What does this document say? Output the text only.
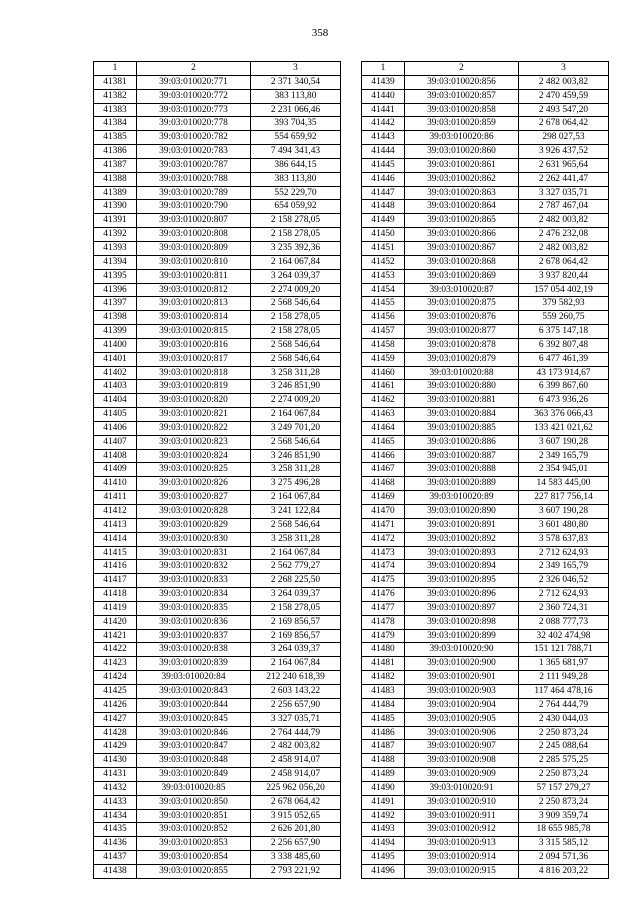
358
1	2	3
41381	39:03:010020:771	2 371 340,54
41382	39:03:010020:772	383 113,80
41383	39:03:010020:773	2 231 066,46
41384	39:03:010020:778	393 704,35
41385	39:03:010020:782	554 659,92
41386	39:03:010020:783	7 494 341,43
41387	39:03:010020:787	386 644,15
41388	39:03:010020:788	383 113,80
41389	39:03:010020:789	552 229,70
41390	39:03:010020:790	654 059,92
41391	39:03:010020:807	2 158 278,05
41392	39:03:010020:808	2 158 278,05
41393	39:03:010020:809	3 235 392,36
41394	39:03:010020:810	2 164 067,84
41395	39:03:010020:811	3 264 039,37
41396	39:03:010020:812	2 274 009,20
41397	39:03:010020:813	2 568 546,64
41398	39:03:010020:814	2 158 278,05
41399	39:03:010020:815	2 158 278,05
41400	39:03:010020:816	2 568 546,64
41401	39:03:010020:817	2 568 546,64
41402	39:03:010020:818	3 258 311,28
41403	39:03:010020:819	3 246 851,90
41404	39:03:010020:820	2 274 009,20
41405	39:03:010020:821	2 164 067,84
41406	39:03:010020:822	3 249 701,20
41407	39:03:010020:823	2 568 546,64
41408	39:03:010020:824	3 246 851,90
41409	39:03:010020:825	3 258 311,28
41410	39:03:010020:826	3 275 496,28
41411	39:03:010020:827	2 164 067,84
41412	39:03:010020:828	3 241 122,84
41413	39:03:010020:829	2 568 546,64
41414	39:03:010020:830	3 258 311,28
41415	39:03:010020:831	2 164 067,84
41416	39:03:010020:832	2 562 779,27
41417	39:03:010020:833	2 268 225,50
41418	39:03:010020:834	3 264 039,37
41419	39:03:010020:835	2 158 278,05
41420	39:03:010020:836	2 169 856,57
41421	39:03:010020:837	2 169 856,57
41422	39:03:010020:838	3 264 039,37
41423	39:03:010020:839	2 164 067,84
41424	39:03:010020:84	212 240 618,39
41425	39:03:010020:843	2 603 143,22
41426	39:03:010020:844	2 256 657,90
41427	39:03:010020:845	3 327 035,71
41428	39:03:010020:846	2 764 444,79
41429	39:03:010020:847	2 482 003,82
41430	39:03:010020:848	2 458 914,07
41431	39:03:010020:849	2 458 914,07
41432	39:03:010020:85	225 962 056,20
41433	39:03:010020:850	2 678 064,42
41434	39:03:010020:851	3 915 052,65
41435	39:03:010020:852	2 626 201,80
41436	39:03:010020:853	2 256 657,90
41437	39:03:010020:854	3 338 485,60
41438	39:03:010020:855	2 793 221,92
1	2	3
41439	39:03:010020:856	2 482 003,82
41440	39:03:010020:857	2 470 459,59
41441	39:03:010020:858	2 493 547,20
41442	39:03:010020:859	2 678 064,42
41443	39:03:010020:86	298 027,53
41444	39:03:010020:860	3 926 437,52
41445	39:03:010020:861	2 631 965,64
41446	39:03:010020:862	2 262 441,47
41447	39:03:010020:863	3 327 035,71
41448	39:03:010020:864	2 787 467,04
41449	39:03:010020:865	2 482 003,82
41450	39:03:010020:866	2 476 232,08
41451	39:03:010020:867	2 482 003,82
41452	39:03:010020:868	2 678 064,42
41453	39:03:010020:869	3 937 820,44
41454	39:03:010020:87	157 054 402,19
41455	39:03:010020:875	379 582,93
41456	39:03:010020:876	559 260,75
41457	39:03:010020:877	6 375 147,18
41458	39:03:010020:878	6 392 807,48
41459	39:03:010020:879	6 477 461,39
41460	39:03:010020:88	43 173 914,67
41461	39:03:010020:880	6 399 867,60
41462	39:03:010020:881	6 473 936,26
41463	39:03:010020:884	363 376 066,43
41464	39:03:010020:885	133 421 021,62
41465	39:03:010020:886	3 607 190,28
41466	39:03:010020:887	2 349 165,79
41467	39:03:010020:888	2 354 945,01
41468	39:03:010020:889	14 583 445,00
41469	39:03:010020:89	227 817 756,14
41470	39:03:010020:890	3 607 190,28
41471	39:03:010020:891	3 601 480,80
41472	39:03:010020:892	3 578 637,83
41473	39:03:010020:893	2 712 624,93
41474	39:03:010020:894	2 349 165,79
41475	39:03:010020:895	2 326 046,52
41476	39:03:010020:896	2 712 624,93
41477	39:03:010020:897	2 360 724,31
41478	39:03:010020:898	2 088 777,73
41479	39:03:010020:899	32 402 474,98
41480	39:03:010020:90	151 121 788,71
41481	39:03:010020:900	1 365 681,97
41482	39:03:010020:901	2 111 949,28
41483	39:03:010020:903	117 464 478,16
41484	39:03:010020:904	2 764 444,79
41485	39:03:010020:905	2 430 044,03
41486	39:03:010020:906	2 250 873,24
41487	39:03:010020:907	2 245 088,64
41488	39:03:010020:908	2 285 575,25
41489	39:03:010020:909	2 250 873,24
41490	39:03:010020:91	57 157 279,27
41491	39:03:010020:910	2 250 873,24
41492	39:03:010020:911	3 909 359,74
41493	39:03:010020:912	18 655 985,78
41494	39:03:010020:913	3 315 585,12
41495	39:03:010020:914	2 094 571,36
41496	39:03:010020:915	4 816 203,22
